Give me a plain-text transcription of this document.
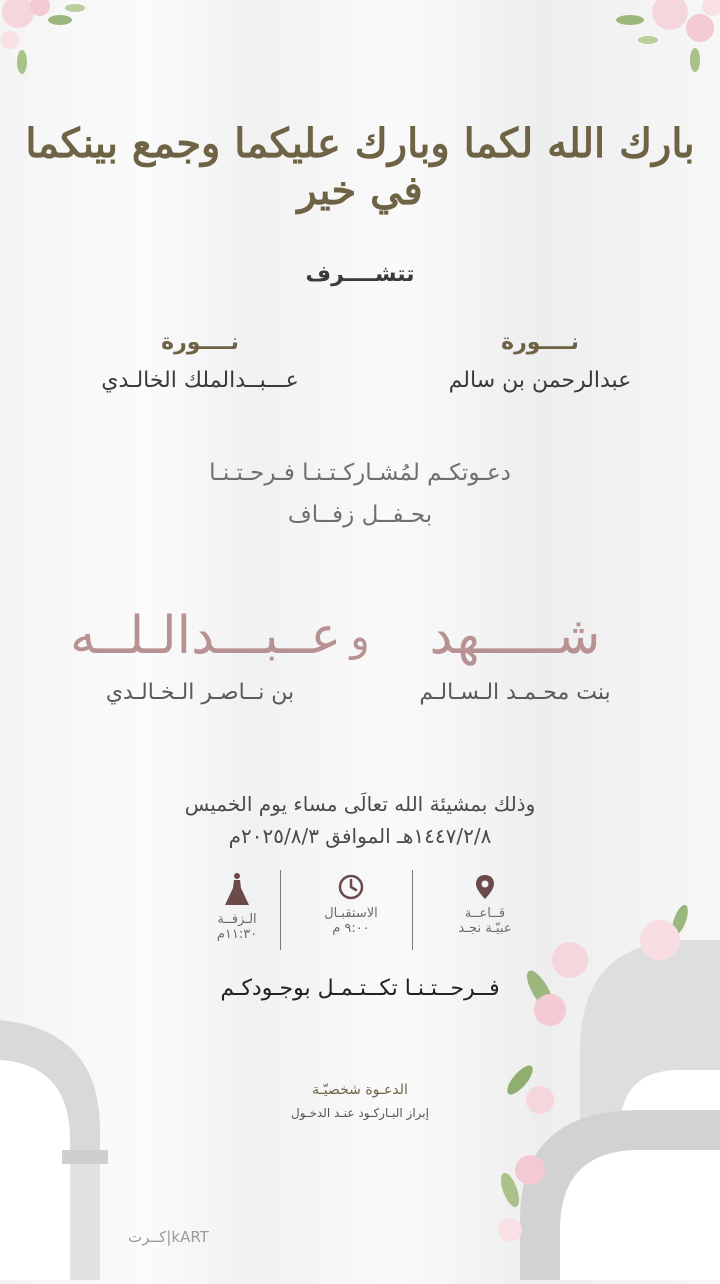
بارك الله لكما وبارك عليكما وجمع بينكما في خير
تتشــــرف
نــــورة
عبدالرحمن بن سالم
نــــورة
عـــبــدالملك الخالـدي
دعـوتكـم لمُشـاركـتـنـا فـرحـتـنـا
بحـفــل زفــاف
شـــــهد
و
عــبـــدالـلــه
بنت محـمـد الـسـالـم
بن نــاصـر الـخـالـدي
وذلك بمشيئة الله تعالَى مساء يوم الخميس
١٤٤٧/٢/٨هـ الموافق ٢٠٢٥/٨/٣م
قــاعــة
عبيّـة نجـد
الاستقبـال
٩:٠٠ م
الـزفــة
١١:٣٠م
فــرحــتـنـا تكــتـمـل بوجـودكـم
الدعـوة شخصيّـة
إبراز البـاركـود عنـد الدخـول
كــرت|kART
